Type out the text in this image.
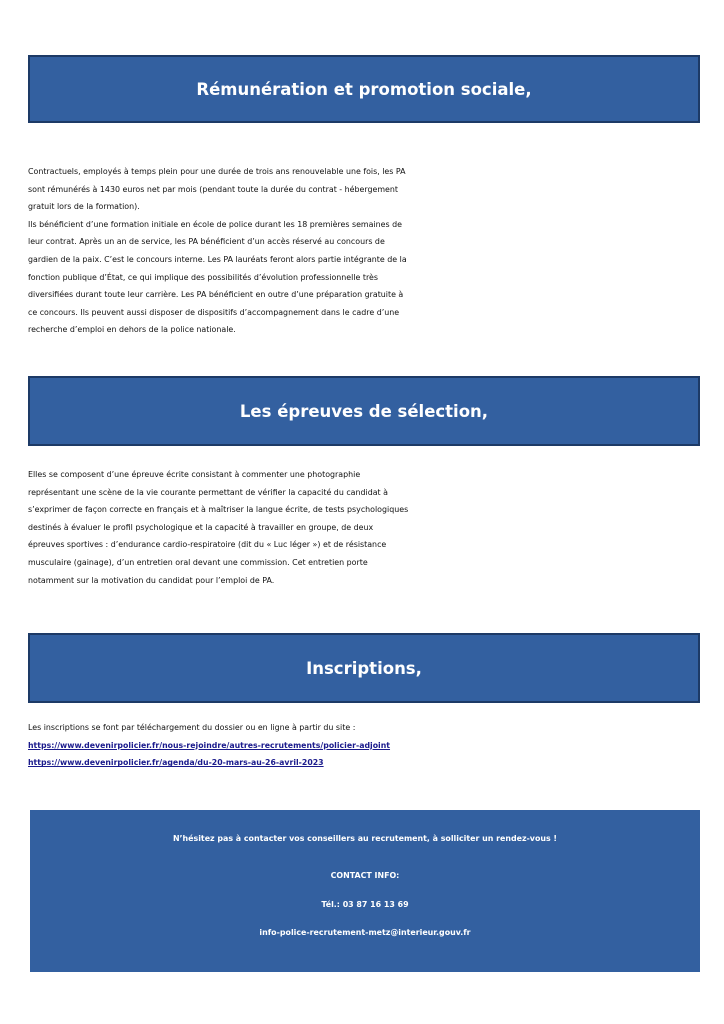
Rémunération et promotion sociale,
Contractuels, employés à temps plein pour une durée de trois ans renouvelable une fois, les PA
sont rémunérés à 1430 euros net par mois (pendant toute la durée du contrat - hébergement
gratuit lors de la formation).
Ils bénéficient d’une formation initiale en école de police durant les 18 premières semaines de
leur contrat. Après un an de service, les PA bénéficient d’un accès réservé au concours de
gardien de la paix. C’est le concours interne. Les PA lauréats feront alors partie intégrante de la
fonction publique d’État, ce qui implique des possibilités d’évolution professionnelle très
diversifiées durant toute leur carrière. Les PA bénéficient en outre d’une préparation gratuite à
ce concours. Ils peuvent aussi disposer de dispositifs d’accompagnement dans le cadre d’une
recherche d’emploi en dehors de la police nationale.
Les épreuves de sélection,
Elles se composent d’une épreuve écrite consistant à commenter une photographie
représentant une scène de la vie courante permettant de vérifier la capacité du candidat à
s’exprimer de façon correcte en français et à maîtriser la langue écrite, de tests psychologiques
destinés à évaluer le profil psychologique et la capacité à travailler en groupe, de deux
épreuves sportives : d’endurance cardio-respiratoire (dit du « Luc léger ») et de résistance
musculaire (gainage), d’un entretien oral devant une commission. Cet entretien porte
notamment sur la motivation du candidat pour l’emploi de PA.
Inscriptions,
Les inscriptions se font par téléchargement du dossier ou en ligne à partir du site :
https://www.devenirpolicier.fr/nous-rejoindre/autres-recrutements/policier-adjoint
https://www.devenirpolicier.fr/agenda/du-20-mars-au-26-avril-2023
N’hésitez pas à contacter vos conseillers au recrutement, à solliciter un rendez-vous !
CONTACT INFO:
Tél.: 03 87 16 13 69
info-police-recrutement-metz@interieur.gouv.fr
